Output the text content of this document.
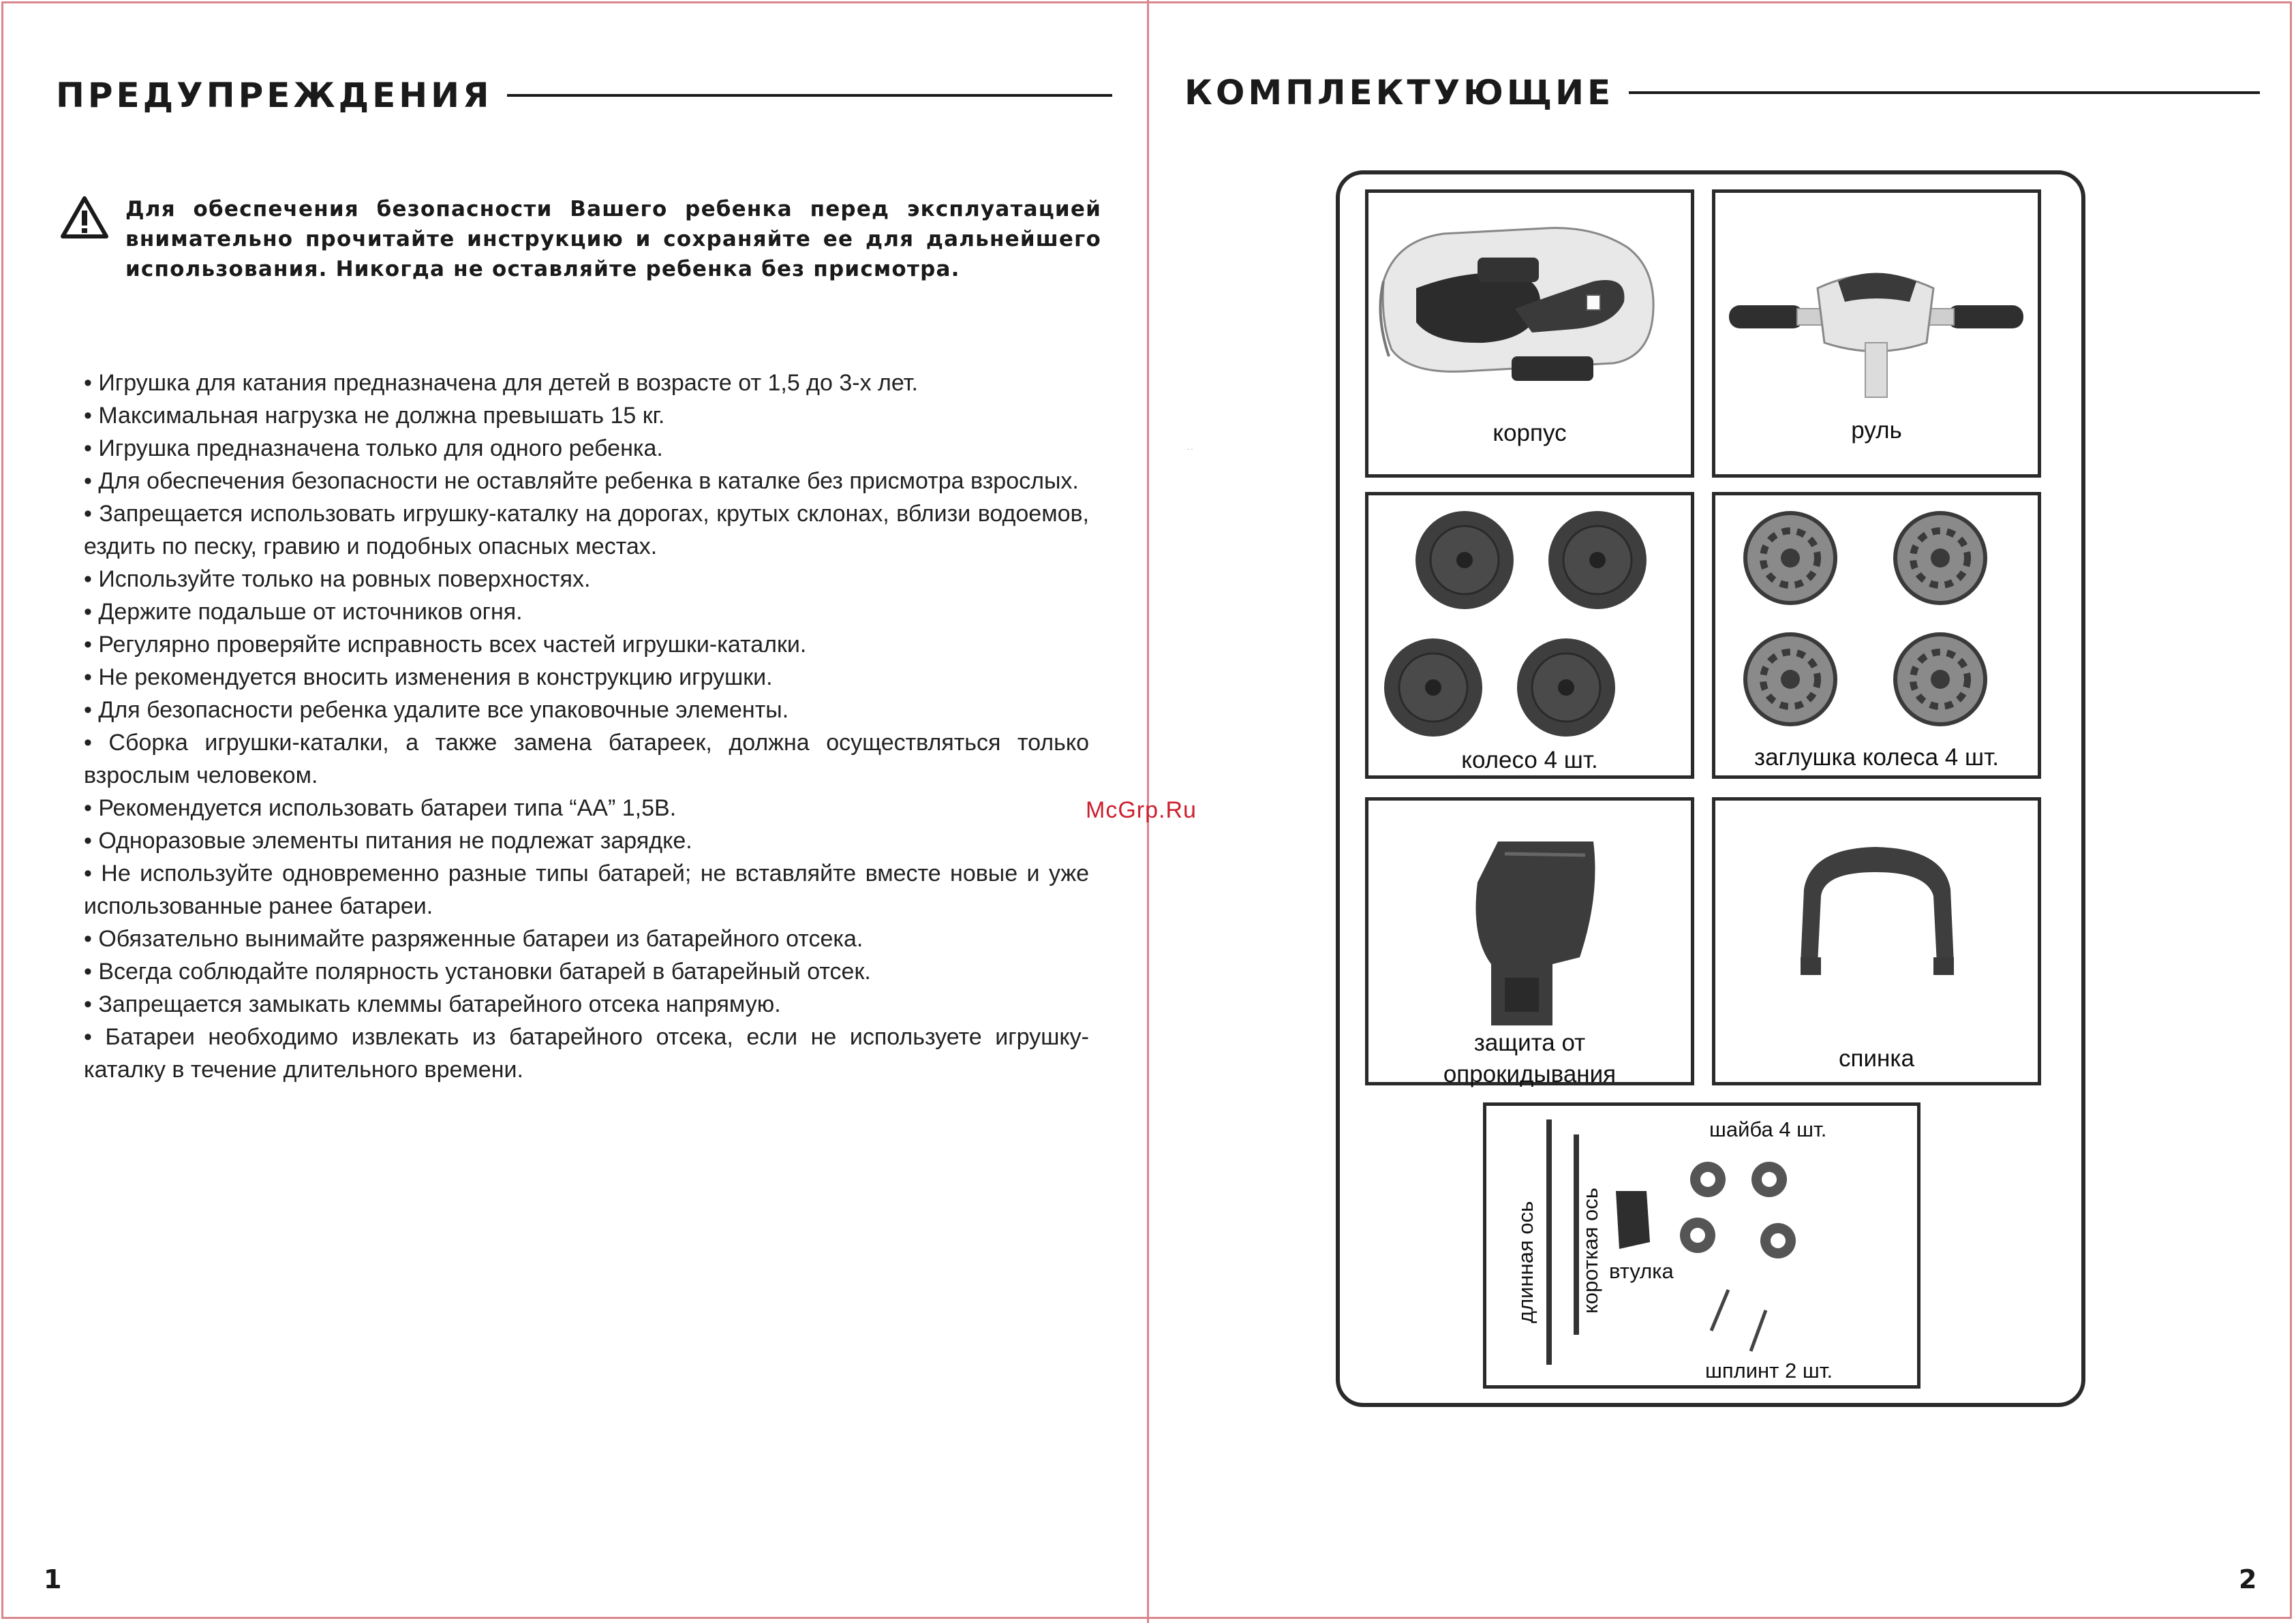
ПРЕДУПРЕЖДЕНИЯ

Для обеспечения безопасности Вашего ребенка перед эксплуатацией внимательно прочитайте инструкцию и сохраняйте ее для дальнейшего использования. Никогда не оставляйте ребенка без присмотра.

• Игрушка для катания предназначена для детей в возрасте от 1,5 до 3-х лет.
• Максимальная нагрузка не должна превышать 15 кг.
• Игрушка предназначена только для одного ребенка.
• Для обеспечения безопасности не оставляйте ребенка в каталке без присмотра взрослых.
• Запрещается использовать игрушку-каталку на дорогах, крутых склонах, вблизи водоемов, ездить по песку, гравию и подобных опасных местах.
• Используйте только на ровных поверхностях.
• Держите подальше от источников огня.
• Регулярно проверяйте исправность всех частей игрушки-каталки.
• Не рекомендуется вносить изменения в конструкцию игрушки.
• Для безопасности ребенка удалите все упаковочные элементы.
• Сборка игрушки-каталки, а также замена батареек, должна осуществляться только взрослым человеком.
• Рекомендуется использовать батареи типа “АА” 1,5В.
• Одноразовые элементы питания не подлежат зарядке.
• Не используйте одновременно разные типы батарей; не вставляйте вместе новые и уже использованные ранее батареи.
• Обязательно вынимайте разряженные батареи из батарейного отсека.
• Всегда соблюдайте полярность установки батарей в батарейный отсек.
• Запрещается замыкать клеммы батарейного отсека напрямую.
• Батареи необходимо извлекать из батарейного отсека, если не используете игрушку-каталку в течение длительного времени.
McGrp.Ru
. .
1	2
КОМПЛЕКТУЮЩИЕ
корпус	руль
колесо 4 шт.	заглушка колеса 4 шт.
защита от
опрокидывания
спинка
шайба 4 шт.
длинная ось короткая ось втулка
шплинт 2 шт.
